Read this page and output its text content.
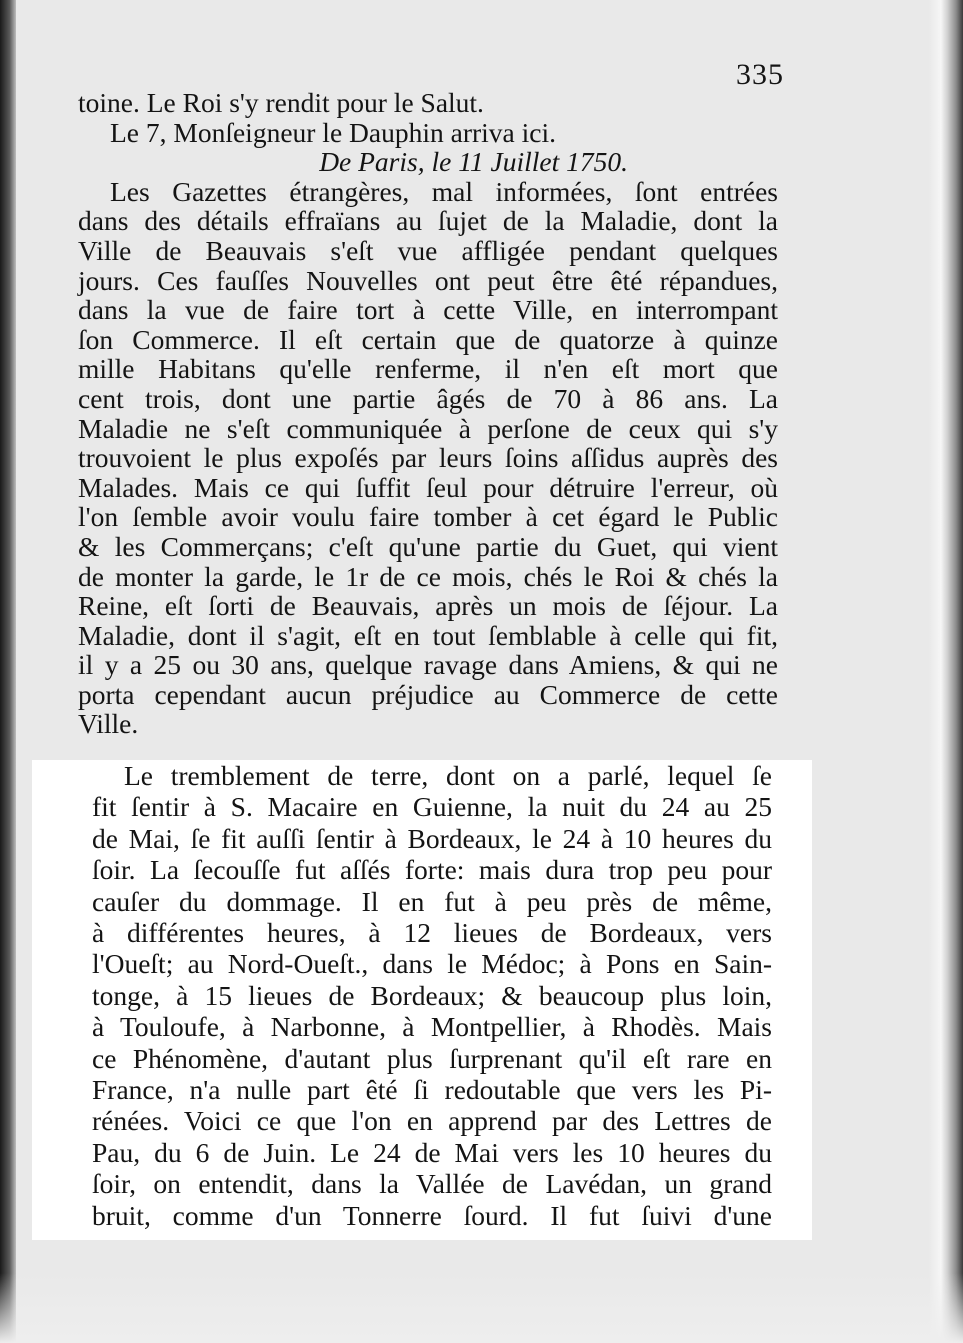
335
toine. Le Roi s'y rendit pour le Salut.
Le 7, Monſeigneur le Dauphin arriva ici.
De Paris, le 11 Juillet 1750.
Les Gazettes étrangères, mal informées, ſont entrées
dans des détails effraïans au ſujet de la Maladie, dont la
Ville de Beauvais s'eſt vue affligée pendant quelques
jours. Ces fauſſes Nouvelles ont peut être êté répandues,
dans la vue de faire tort à cette Ville, en interrompant
ſon Commerce. Il eſt certain que de quatorze à quinze
mille Habitans qu'elle renferme, il n'en eſt mort que
cent trois, dont une partie âgés de 70 à 86 ans. La
Maladie ne s'eſt communiquée à perſone de ceux qui s'y
trouvoient le plus expoſés par leurs ſoins aſſidus auprès des
Malades. Mais ce qui ſuffit ſeul pour détruire l'erreur, où
l'on ſemble avoir voulu faire tomber à cet égard le Public
& les Commerçans; c'eſt qu'une partie du Guet, qui vient
de monter la garde, le 1r de ce mois, chés le Roi & chés la
Reine, eſt ſorti de Beauvais, après un mois de ſéjour. La
Maladie, dont il s'agit, eſt en tout ſemblable à celle qui fit,
il y a 25 ou 30 ans, quelque ravage dans Amiens, & qui ne
porta cependant aucun préjudice au Commerce de cette
Ville.
Le tremblement de terre, dont on a parlé, lequel ſe
fit ſentir à S. Macaire en Guienne, la nuit du 24 au 25
de Mai, ſe fit auſſi ſentir à Bordeaux, le 24 à 10 heures du
ſoir. La ſecouſſe fut aſſés forte: mais dura trop peu pour
cauſer du dommage. Il en fut à peu près de même,
à différentes heures, à 12 lieues de Bordeaux, vers
l'Oueſt; au Nord-Oueſt., dans le Médoc; à Pons en Sain-
tonge, à 15 lieues de Bordeaux; & beaucoup plus loin,
à Touloufe, à Narbonne, à Montpellier, à Rhodès. Mais
ce Phénomène, d'autant plus ſurprenant qu'il eſt rare en
France, n'a nulle part êté ſi redoutable que vers les Pi-
rénées. Voici ce que l'on en apprend par des Lettres de
Pau, du 6 de Juin. Le 24 de Mai vers les 10 heures du
ſoir, on entendit, dans la Vallée de Lavédan, un grand
bruit, comme d'un Tonnerre ſourd. Il fut ſuivi d'une
